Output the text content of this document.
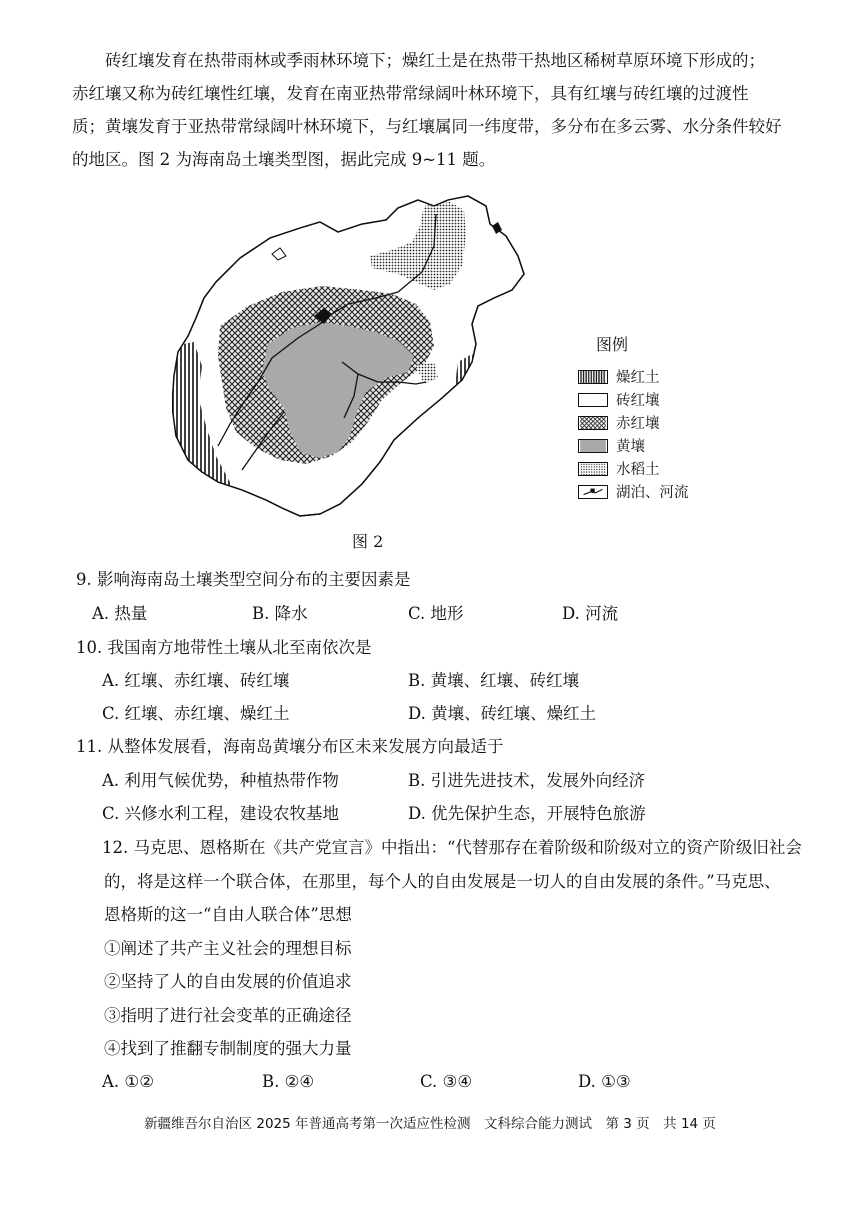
砖红壤发育在热带雨林或季雨林环境下；燥红土是在热带干热地区稀树草原环境下形成的；
赤红壤又称为砖红壤性红壤，发育在南亚热带常绿阔叶林环境下，具有红壤与砖红壤的过渡性
质；黄壤发育于亚热带常绿阔叶林环境下，与红壤属同一纬度带，多分布在多云雾、水分条件较好
的地区。图 2 为海南岛土壤类型图，据此完成 9~11 题。

图例
燥红土
砖红壤
赤红壤
黄壤
水稻土
湖泊、河流
图 2
9. 影响海南岛土壤类型空间分布的主要因素是
A. 热量	B. 降水	C. 地形	D. 河流
10. 我国南方地带性土壤从北至南依次是
A. 红壤、赤红壤、砖红壤	B. 黄壤、红壤、砖红壤
C. 红壤、赤红壤、燥红土	D. 黄壤、砖红壤、燥红土
11. 从整体发展看，海南岛黄壤分布区未来发展方向最适于
A. 利用气候优势，种植热带作物	B. 引进先进技术，发展外向经济
C. 兴修水利工程，建设农牧基地	D. 优先保护生态，开展特色旅游
12. 马克思、恩格斯在《共产党宣言》中指出：“代替那存在着阶级和阶级对立的资产阶级旧社会
的，将是这样一个联合体，在那里，每个人的自由发展是一切人的自由发展的条件。”马克思、
恩格斯的这一“自由人联合体”思想
①阐述了共产主义社会的理想目标
②坚持了人的自由发展的价值追求
③指明了进行社会变革的正确途径
④找到了推翻专制制度的强大力量
A. ①②	B. ②④	C. ③④	D. ①③
新疆维吾尔自治区 2025 年普通高考第一次适应性检测　文科综合能力测试　第 3 页　共 14 页
